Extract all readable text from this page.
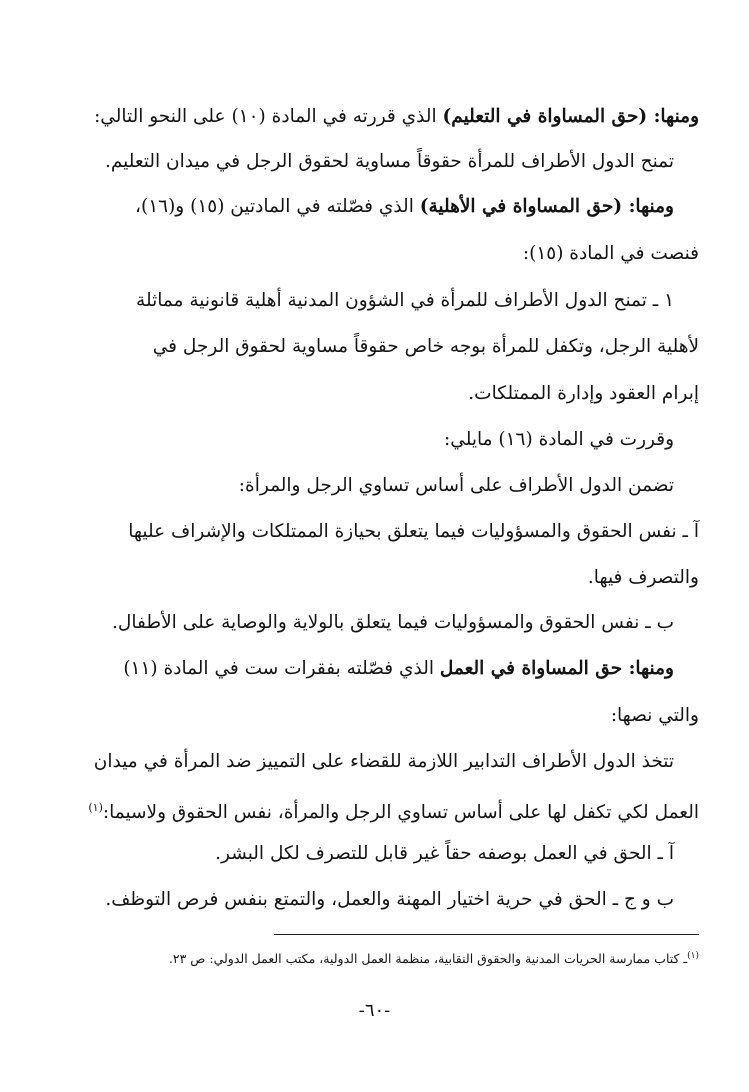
ومنها: (حق المساواة في التعليم) الذي قررته في المادة (١٠) على النحو التالي:
تمنح الدول الأطراف للمرأة حقوقاً مساوية لحقوق الرجل في ميدان التعليم.
ومنها: (حق المساواة في الأهلية) الذي فصّلته في المادتين (١٥) و(١٦)،
فنصت في المادة (١٥):
١ ـ تمنح الدول الأطراف للمرأة في الشؤون المدنية أهلية قانونية مماثلة
لأهلية الرجل، وتكفل للمرأة بوجه خاص حقوقاً مساوية لحقوق الرجل في
إبرام العقود وإدارة الممتلكات.
وقررت في المادة (١٦) مايلي:
تضمن الدول الأطراف على أساس تساوي الرجل والمرأة:
آ ـ نفس الحقوق والمسؤوليات فيما يتعلق بحيازة الممتلكات والإشراف عليها
والتصرف فيها.
ب ـ نفس الحقوق والمسؤوليات فيما يتعلق بالولاية والوصاية على الأطفال.
ومنها: حق المساواة في العمل الذي فصّلته بفقرات ست في المادة (١١)
والتي نصها:
تتخذ الدول الأطراف التدابير اللازمة للقضاء على التمييز ضد المرأة في ميدان
العمل لكي تكفل لها على أساس تساوي الرجل والمرأة، نفس الحقوق ولاسيما:$^{(١)}$
آ ـ الحق في العمل بوصفه حقاً غير قابل للتصرف لكل البشر.
ب و ج ـ الحق في حرية اختيار المهنة والعمل، والتمتع بنفس فرص التوظف.
$^{(١)}$ـ كتاب ممارسة الحريات المدنية والحقوق النقابية، منظمة العمل الدولية، مكتب العمل الدولي: ص ٢٣.
-٦٠-
